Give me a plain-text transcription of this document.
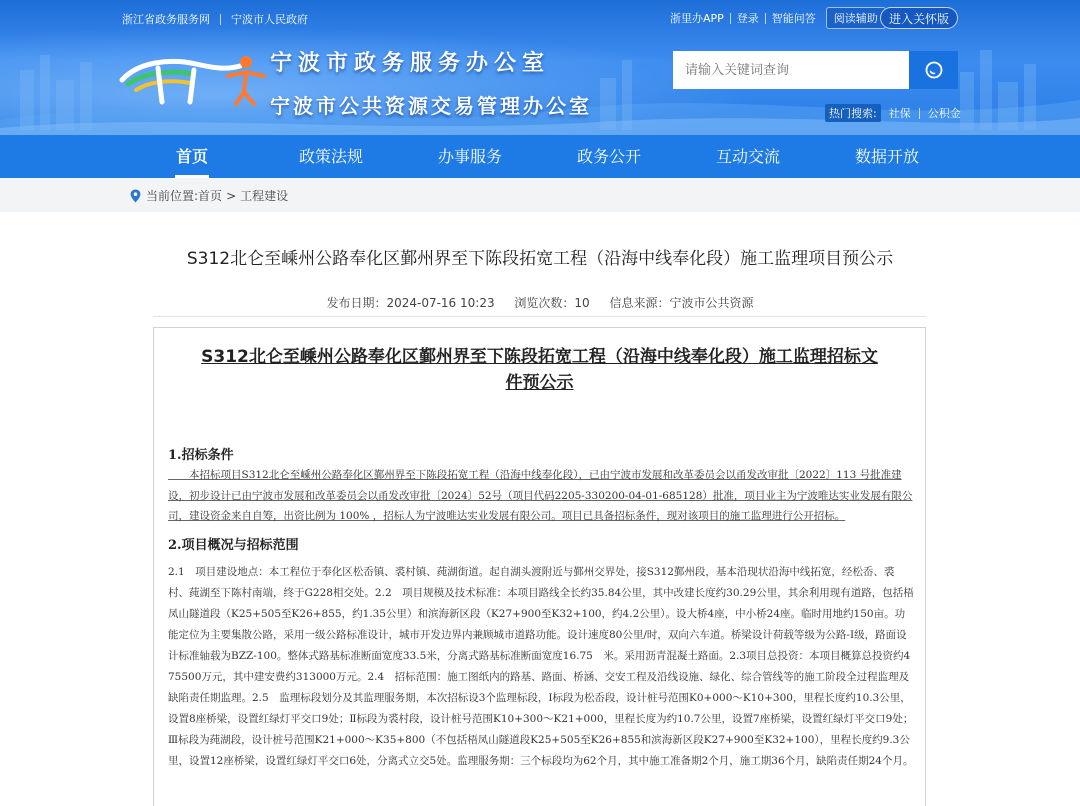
浙江省政务服务网 宁波市人民政府	浙里办APP	登录	智能问答	阅读辅助 进入关怀版
宁波市政务服务办公室
宁波市公共资源交易管理办公室
请输入关键词查询	热门搜索:	社保	公积金
首页	政策法规	办事服务	政务公开	互动交流	数据开放
当前位置: 首页 > 工程建设
S312北仑至嵊州公路奉化区鄞州界至下陈段拓宽工程（沿海中线奉化段）施工监理项目预公示
发布日期：2024-07-16 10:23 浏览次数：10 信息来源：宁波市公共资源
S312北仑至嵊州公路奉化区鄞州界至下陈段拓宽工程（沿海中线奉化段）施工监理招标文
件预公示
1.招标条件
　　本招标项目S312北仑至嵊州公路奉化区鄞州界至下陈段拓宽工程（沿海中线奉化段），已由宁波市发展和改革委员会以甬发改审批〔2022〕113 号批准建设，初步设计已由宁波市发展和改革委员会以甬发改审批〔2024〕52号（项目代码2205-330200-04-01-685128）批准，项目业主为宁波唯达实业发展有限公司，建设资金来自自筹，出资比例为 100% ，招标人为宁波唯达实业发展有限公司。项目已具备招标条件，现对该项目的施工监理进行公开招标。
2.项目概况与招标范围
2.1　项目建设地点：本工程位于奉化区松岙镇、裘村镇、莼湖街道。起自湖头渡附近与鄞州交界处，接S312鄞州段，基本沿现状沿海中线拓宽，经松岙、裘村、莼湖至下陈村南端，终于G228相交处。2.2　项目规模及技术标准：本项目路线全长约35.84公里，其中改建长度约30.29公里，其余利用现有道路，包括梧凤山隧道段（K25+505至K26+855，约1.35公里）和滨海新区段（K27+900至K32+100，约4.2公里）。设大桥4座，中小桥24座。临时用地约150亩。功能定位为主要集散公路，采用一级公路标准设计，城市开发边界内兼顾城市道路功能。设计速度80公里/时，双向六车道。桥梁设计荷载等级为公路-Ⅰ级，路面设计标准轴载为BZZ-100。整体式路基标准断面宽度33.5米，分离式路基标准断面宽度16.75　米。采用沥青混凝土路面。2.3项目总投资：本项目概算总投资约475500万元，其中建安费约313000万元。2.4　招标范围：施工图纸内的路基、路面、桥涵、交安工程及沿线设施、绿化、综合管线等的施工阶段全过程监理及缺陷责任期监理。2.5　监理标段划分及其监理服务期，本次招标设3个监理标段，Ⅰ标段为松岙段，设计桩号范围K0+000～K10+300，里程长度约10.3公里，设置8座桥梁，设置红绿灯平交口9处；Ⅱ标段为裘村段，设计桩号范围K10+300～K21+000，里程长度为约10.7公里，设置7座桥梁，设置红绿灯平交口9处；Ⅲ标段为莼湖段，设计桩号范围K21+000～K35+800（不包括梧凤山隧道段K25+505至K26+855和滨海新区段K27+900至K32+100），里程长度约9.3公里，设置12座桥梁，设置红绿灯平交口6处，分离式立交5处。监理服务期：三个标段均为62个月，其中施工准备期2个月，施工期36个月，缺陷责任期24个月。
